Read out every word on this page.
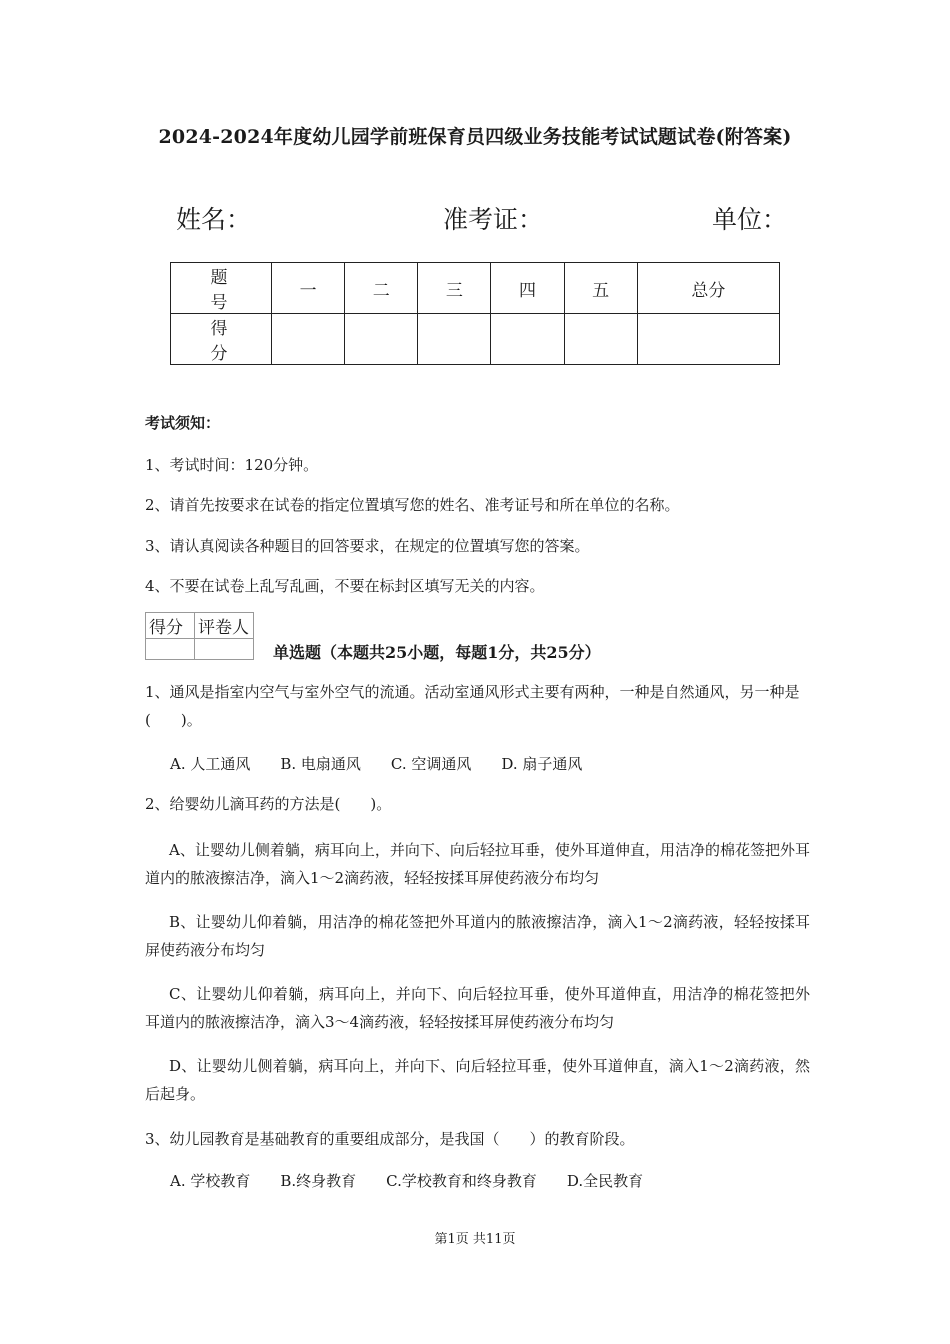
2024-2024年度幼儿园学前班保育员四级业务技能考试试题试卷(附答案)
姓名：	准考证：	单位：
题　号	一	二	三	四	五	总分
得　分						
考试须知：
1、考试时间：120分钟。
2、请首先按要求在试卷的指定位置填写您的姓名、准考证号和所在单位的名称。
3、请认真阅读各种题目的回答要求，在规定的位置填写您的答案。
4、不要在试卷上乱写乱画，不要在标封区填写无关的内容。
得分	评卷人

单选题（本题共25小题，每题1分，共25分）
1、通风是指室内空气与室外空气的流通。活动室通风形式主要有两种，一种是自然通风，另一种是(　　)。
A. 人工通风　　B. 电扇通风　　C. 空调通风　　D. 扇子通风
2、给婴幼儿滴耳药的方法是(　　)。
A、让婴幼儿侧着躺，病耳向上，并向下、向后轻拉耳垂，使外耳道伸直，用洁净的棉花签把外耳道内的脓液擦洁净，滴入1～2滴药液，轻轻按揉耳屏使药液分布均匀
B、让婴幼儿仰着躺，用洁净的棉花签把外耳道内的脓液擦洁净，滴入1～2滴药液，轻轻按揉耳屏使药液分布均匀
C、让婴幼儿仰着躺，病耳向上，并向下、向后轻拉耳垂，使外耳道伸直，用洁净的棉花签把外耳道内的脓液擦洁净，滴入3～4滴药液，轻轻按揉耳屏使药液分布均匀
D、让婴幼儿侧着躺，病耳向上，并向下、向后轻拉耳垂，使外耳道伸直，滴入1～2滴药液，然后起身。
3、幼儿园教育是基础教育的重要组成部分，是我国（　　）的教育阶段。
A. 学校教育　　B.终身教育　　C.学校教育和终身教育　　D.全民教育
第1页 共11页
